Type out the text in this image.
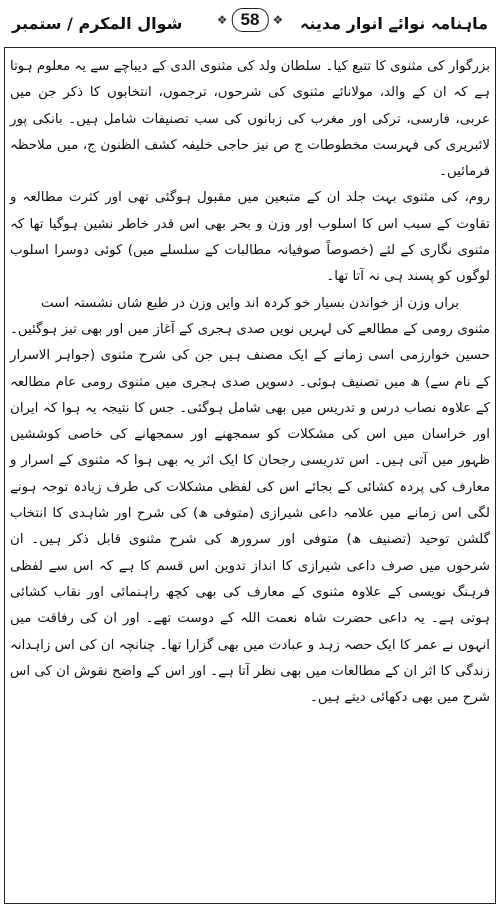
ماہنامہ نوائے انوار مدینہ
شوال المکرم / ستمبر	❖ 58	❖

بزرگوار کی مثنوی کا تتبع کیا۔ سلطان ولد کی مثنوی الدی کے دیباچے سے یہ معلوم ہوتا ہے کہ ان کے والد، مولانائے مثنوی کی شرحوں، ترجموں، انتخابوں کا ذکر جن میں عربی، فارسی، ترکی اور مغرب کی زبانوں کی سب تصنیفات شامل ہیں۔ بانکی پور لائبریری کی فہرست مخطوطات ج ص نیز حاجی خلیفہ کشف الظنون ج، میں ملاحظہ فرمائیں۔

روم، کی مثنوی بہت جلد ان کے متبعین میں مقبول ہوگئی تھی اور کثرت مطالعہ و تقاوت کے سبب اس کا اسلوب اور وزن و بحر بھی اس قدر خاطر نشین ہوگیا تھا کہ مثنوی نگاری کے لئے (خصوصاً صوفیانہ مطالبات کے سلسلے میں) کوئی دوسرا اسلوب لوگوں کو پسند ہی نہ آتا تھا۔

براں وزن از خواندن بسیار خو کردہ اند وایں وزن در طبع شاں نشستہ است

مثنوی رومی کے مطالعے کی لہریں نویں صدی ہجری کے آغاز میں اور بھی تیز ہوگئیں۔ حسین خوارزمی اسی زمانے کے ایک مصنف ہیں جن کی شرح مثنوی (جواہر الاسرار کے نام سے) ھ میں تصنیف ہوئی۔ دسویں صدی ہجری میں مثنوی رومی عام مطالعہ کے علاوہ نصاب درس و تدریس میں بھی شامل ہوگئی۔ جس کا نتیجہ یہ ہوا کہ ایران اور خراسان میں اس کی مشکلات کو سمجھنے اور سمجھانے کی خاصی کوششیں ظہور میں آتی ہیں۔ اس تدریسی رجحان کا ایک اثر یہ بھی ہوا کہ مثنوی کے اسرار و معارف کی پردہ کشائی کے بجائے اس کی لفظی مشکلات کی طرف زیادہ توجہ ہونے لگی اس زمانے میں علامہ داعی شیرازی (متوفی ھ) کی شرح اور شاہدی کا انتخاب گلشن توحید (تصنیف ھ) متوفی اور سرورھ کی شرح مثنوی قابل ذکر ہیں۔ ان شرحوں میں صرف داعی شیرازی کا انداز تدوین اس قسم کا ہے کہ اس سے لفظی فرہنگ نویسی کے علاوہ مثنوی کے معارف کی بھی کچھ راہنمائی اور نقاب کشائی ہوتی ہے۔ یہ داعی حضرت شاہ نعمت اللہ کے دوست تھے۔ اور ان کی رفاقت میں انہوں نے عمر کا ایک حصہ زہد و عبادت میں بھی گزارا تھا۔ چنانچہ ان کی اس زاہدانہ زندگی کا اثر ان کے مطالعات میں بھی نظر آتا ہے۔ اور اس کے واضح نقوش ان کی اس شرح میں بھی دکھائی دیتے ہیں۔
